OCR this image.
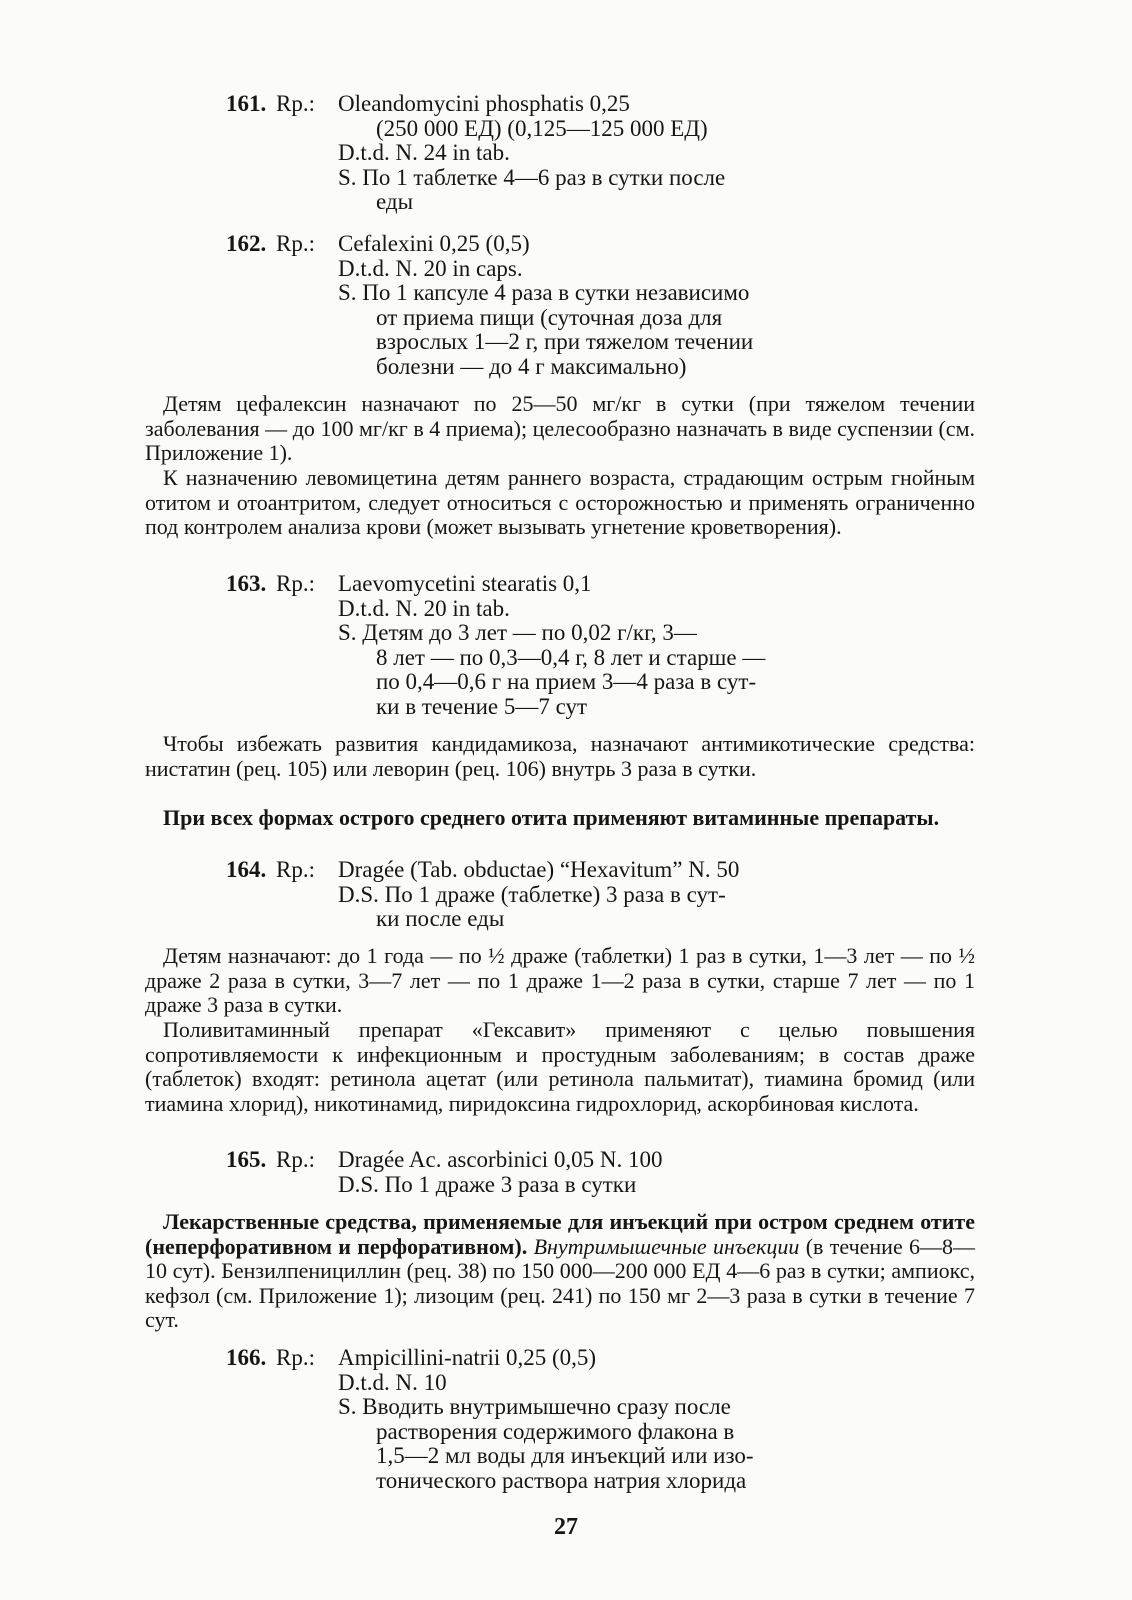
161. Rp.: Oleandomycini phosphatis 0,25
(250 000 ЕД) (0,125—125 000 ЕД)
D.t.d. N. 24 in tab.
S. По 1 таблетке 4—6 раз в сутки после
еды
162. Rp.: Cefalexini 0,25 (0,5)
D.t.d. N. 20 in caps.
S. По 1 капсуле 4 раза в сутки независимо
от приема пищи (суточная доза для
взрослых 1—2 г, при тяжелом течении
болезни — до 4 г максимально)
Детям цефалексин назначают по 25—50 мг/кг в сутки (при тяжелом течении заболевания — до 100 мг/кг в 4 приема); целесообразно назначать в виде суспензии (см. Приложение 1).
К назначению левомицетина детям раннего возраста, страдающим острым гнойным отитом и отоантритом, следует относиться с осторожностью и применять ограниченно под контролем анализа крови (может вызывать угнетение кроветворения).
163. Rp.: Laevomycetini stearatis 0,1
D.t.d. N. 20 in tab.
S. Детям до 3 лет — по 0,02 г/кг, 3—
8 лет — по 0,3—0,4 г, 8 лет и старше —
по 0,4—0,6 г на прием 3—4 раза в сут-
ки в течение 5—7 сут
Чтобы избежать развития кандидамикоза, назначают антимикотические средства: нистатин (рец. 105) или леворин (рец. 106) внутрь 3 раза в сутки.
При всех формах острого среднего отита применяют витаминные препараты.
164. Rp.: Dragée (Tab. obductae) “Hexavitum” N. 50
D.S. По 1 драже (таблетке) 3 раза в сут-
ки после еды
Детям назначают: до 1 года — по ½ драже (таблетки) 1 раз в сутки, 1—3 лет — по ½ драже 2 раза в сутки, 3—7 лет — по 1 драже 1—2 раза в сутки, старше 7 лет — по 1 драже 3 раза в сутки.
Поливитаминный препарат «Гексавит» применяют с целью повышения сопротивляемости к инфекционным и простудным заболеваниям; в состав драже (таблеток) входят: ретинола ацетат (или ретинола пальмитат), тиамина бромид (или тиамина хлорид), никотинамид, пиридоксина гидрохлорид, аскорбиновая кислота.
165. Rp.: Dragée Ac. ascorbinici 0,05 N. 100
D.S. По 1 драже 3 раза в сутки
Лекарственные средства, применяемые для инъекций при остром среднем отите (неперфоративном и перфоративном). Внутримышечные инъекции (в течение 6—8—10 сут). Бензилпенициллин (рец. 38) по 150 000—200 000 ЕД 4—6 раз в сутки; ампиокс, кефзол (см. Приложение 1); лизоцим (рец. 241) по 150 мг 2—3 раза в сутки в течение 7 сут.
166. Rp.: Ampicillini-natrii 0,25 (0,5)
D.t.d. N. 10
S. Вводить внутримышечно сразу после
растворения содержимого флакона в
1,5—2 мл воды для инъекций или изо-
тонического раствора натрия хлорида
27
